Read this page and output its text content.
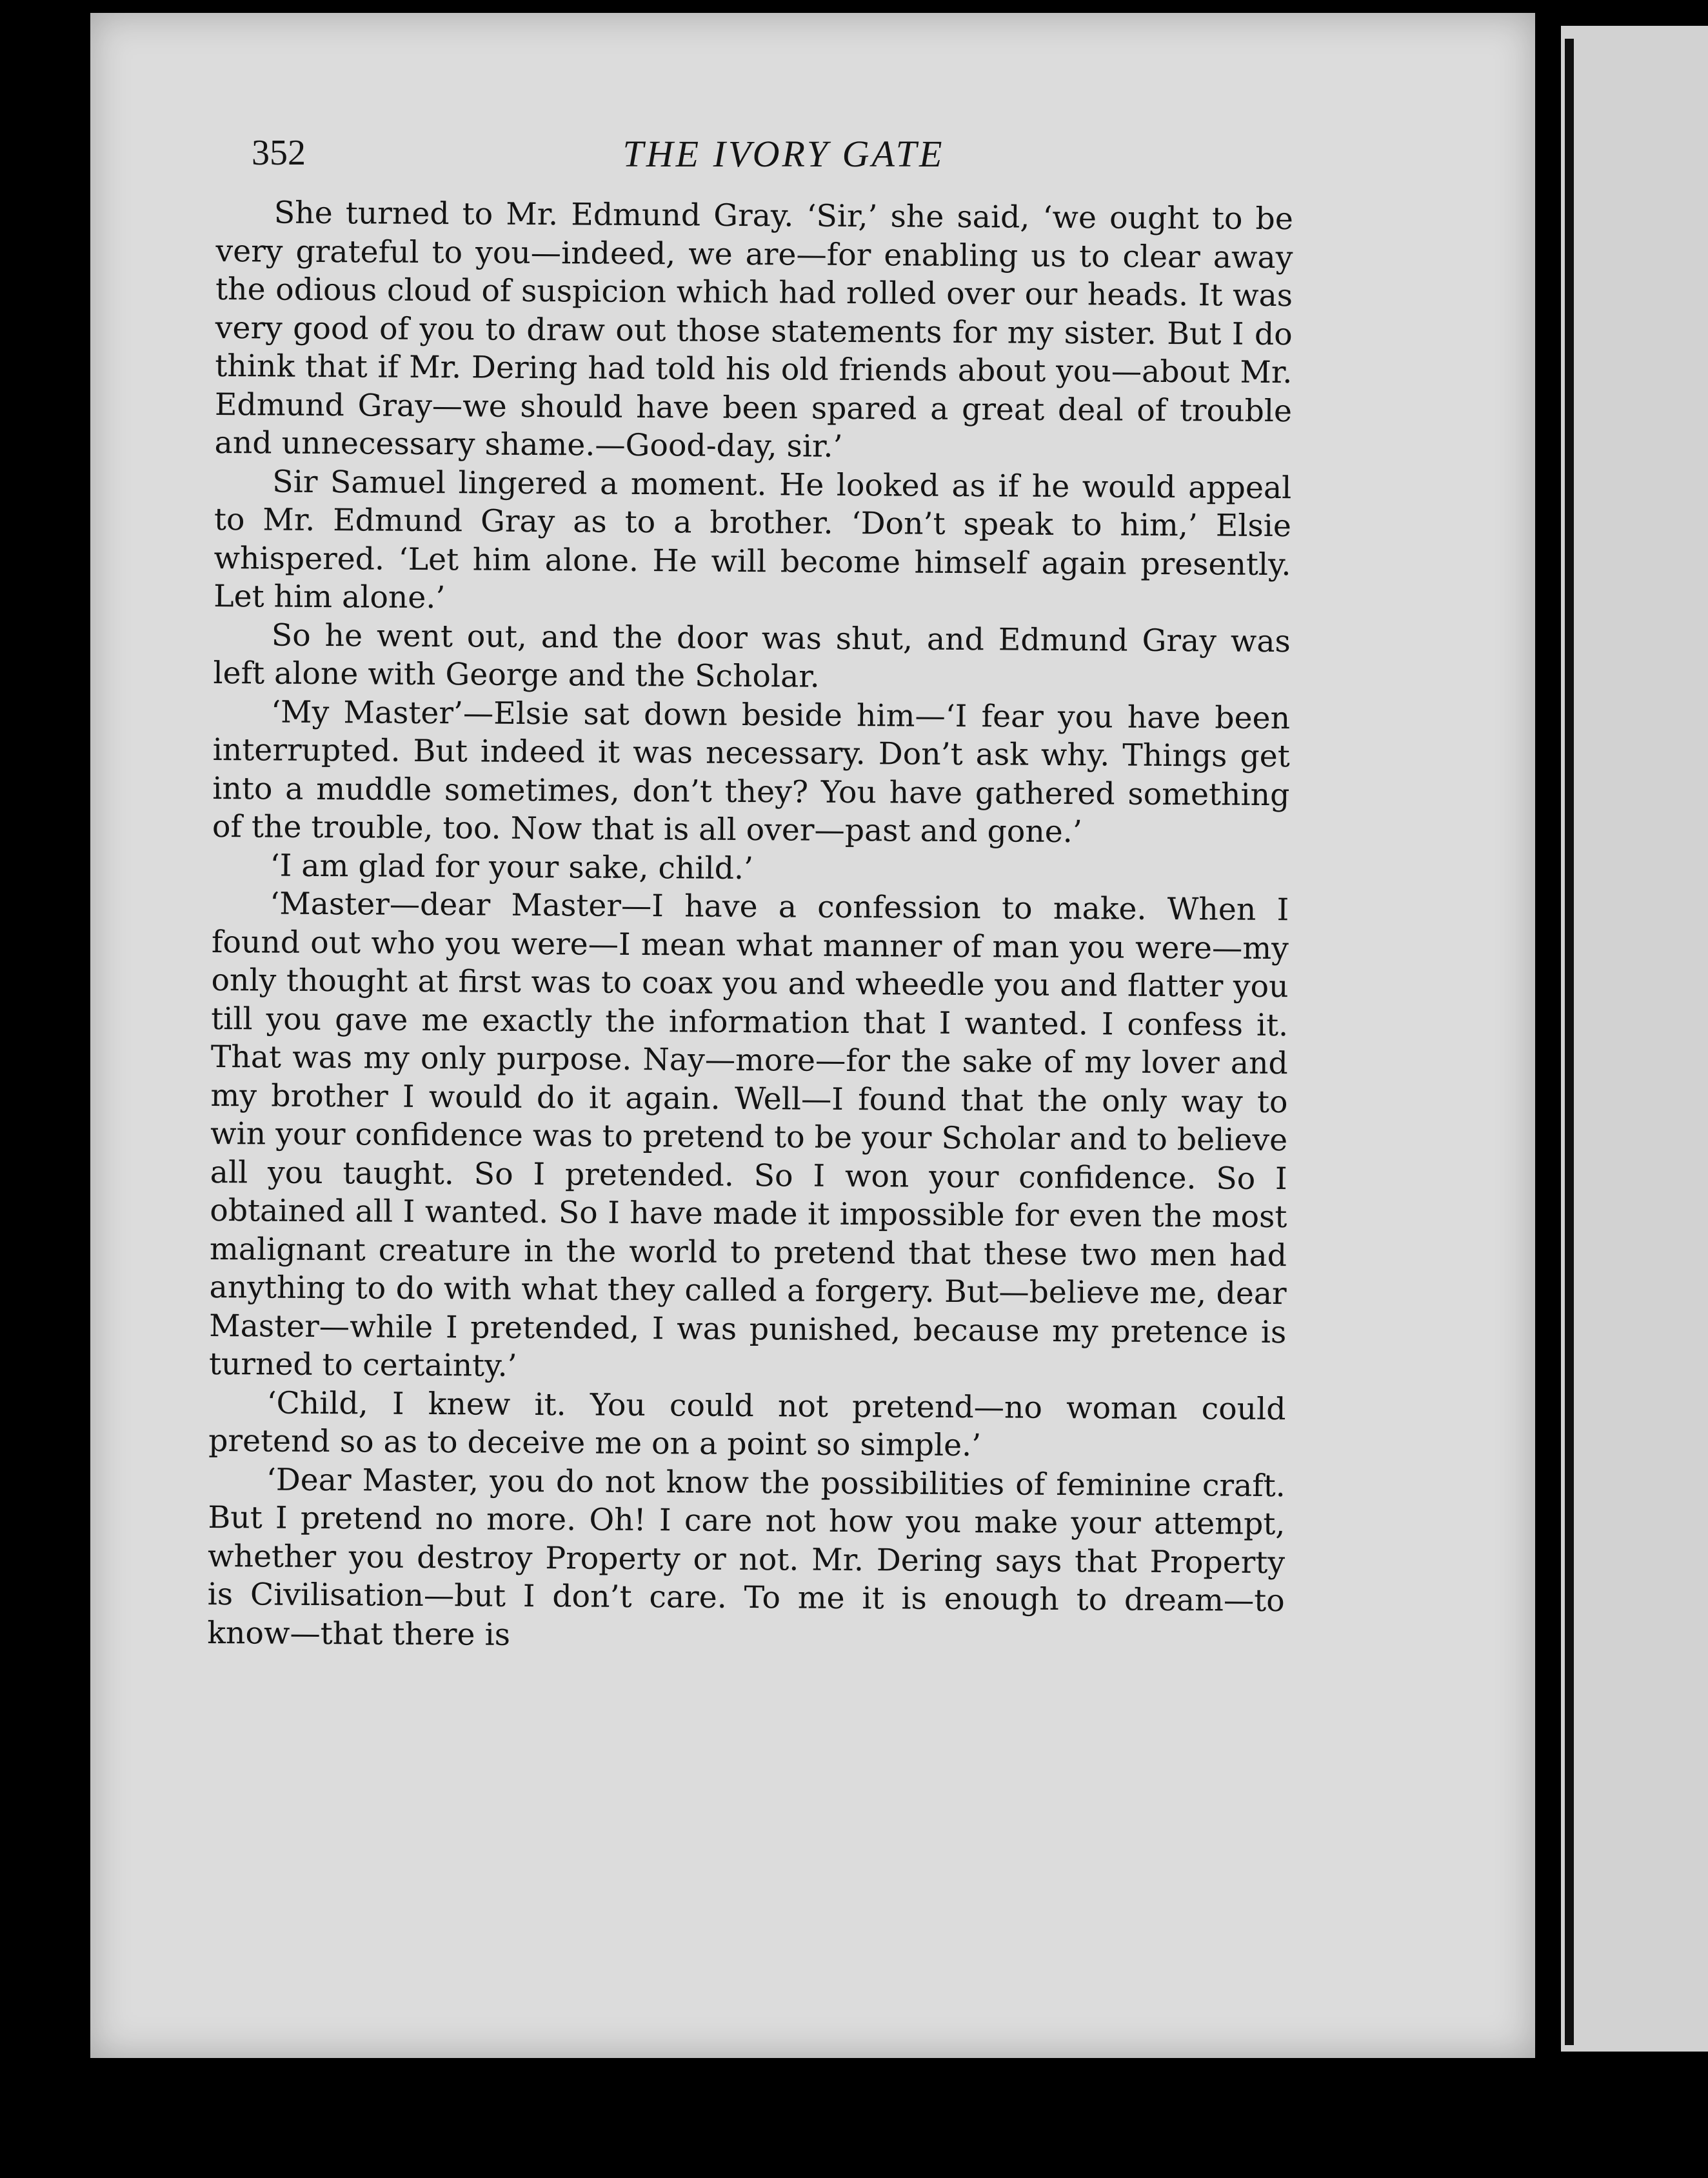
352	THE IVORY GATE

She turned to Mr. Edmund Gray. ‘Sir,’ she said, ‘we ought to be very grateful to you—indeed, we are—for enabling us to clear away the odious cloud of suspicion which had rolled over our heads. It was very good of you to draw out those statements for my sister. But I do think that if Mr. Dering had told his old friends about you—about Mr. Edmund Gray—we should have been spared a great deal of trouble and unnecessary shame.—Good-day, sir.’

Sir Samuel lingered a moment. He looked as if he would appeal to Mr. Edmund Gray as to a brother. ‘Don’t speak to him,’ Elsie whispered. ‘Let him alone. He will become himself again presently. Let him alone.’

So he went out, and the door was shut, and Edmund Gray was left alone with George and the Scholar.

‘My Master’—Elsie sat down beside him—‘I fear you have been interrupted. But indeed it was necessary. Don’t ask why. Things get into a muddle sometimes, don’t they? You have gathered something of the trouble, too. Now that is all over—past and gone.’

‘I am glad for your sake, child.’

‘Master—dear Master—I have a confession to make. When I found out who you were—I mean what manner of man you were—my only thought at first was to coax you and wheedle you and flatter you till you gave me exactly the information that I wanted. I confess it. That was my only purpose. Nay—more—for the sake of my lover and my brother I would do it again. Well—I found that the only way to win your confidence was to pretend to be your Scholar and to believe all you taught. So I pretended. So I won your confidence. So I obtained all I wanted. So I have made it impossible for even the most malignant creature in the world to pretend that these two men had anything to do with what they called a forgery. But—believe me, dear Master—while I pretended, I was punished, because my pretence is turned to certainty.’

‘Child, I knew it. You could not pretend—no woman could pretend so as to deceive me on a point so simple.’

‘Dear Master, you do not know the possibilities of feminine craft. But I pretend no more. Oh! I care not how you make your attempt, whether you destroy Property or not. Mr. Dering says that Property is Civilisation—but I don’t care. To me it is enough to dream—to know—that there is
